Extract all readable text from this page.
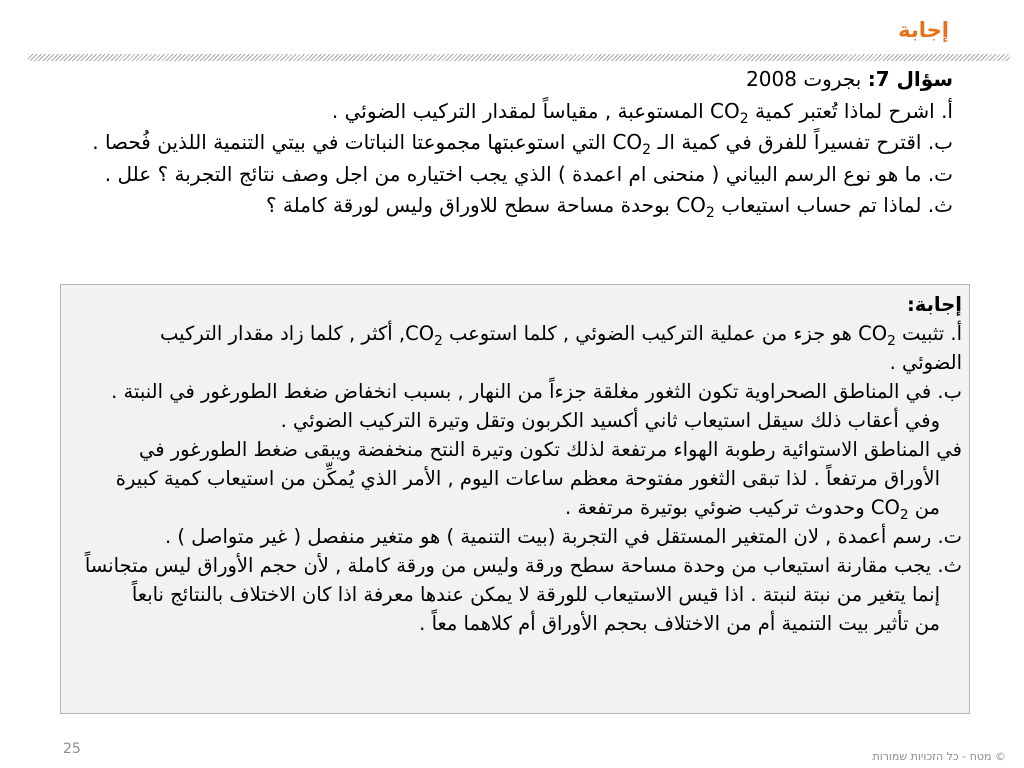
إجابة
سؤال 7: بجروت 2008
أ. اشرح لماذا تُعتبر كمية $CO_2$ المستوعبة , مقياساً لمقدار التركيب الضوئي .
ب. اقترح تفسيراً للفرق في كمية الـ $CO_2$ التي استوعبتها مجموعتا النباتات في بيتي التنمية اللذين فُحصا .
ت. ما هو نوع الرسم البياني ( منحنى ام اعمدة ) الذي يجب اختياره من اجل وصف نتائج التجربة ؟ علل .
ث. لماذا تم حساب استيعاب $CO_2$ بوحدة مساحة سطح للاوراق وليس لورقة كاملة ؟
إجابة:
أ. تثبيت $CO_2$ هو جزء من عملية التركيب الضوئي , كلما استوعب $CO_2$, أكثر , كلما زاد مقدار التركيب
الضوئي .
ب. في المناطق الصحراوية تكون الثغور مغلقة جزءاً من النهار , بسبب انخفاض ضغط الطورغور في النبتة .
وفي أعقاب ذلك سيقل استيعاب ثاني أكسيد الكربون وتقل وتيرة التركيب الضوئي .
في المناطق الاستوائية رطوبة الهواء مرتفعة لذلك تكون وتيرة النتح منخفضة ويبقى ضغط الطورغور في
الأوراق مرتفعاً . لذا تبقى الثغور مفتوحة معظم ساعات اليوم , الأمر الذي يُمكِّن من استيعاب كمية كبيرة
من $CO_2$ وحدوث تركيب ضوئي بوتيرة مرتفعة .
ت. رسم أعمدة , لان المتغير المستقل في التجربة (بيت التنمية ) هو متغير منفصل ( غير متواصل ) .
ث. يجب مقارنة استيعاب من وحدة مساحة سطح ورقة وليس من ورقة كاملة , لأن حجم الأوراق ليس متجانساً
إنما يتغير من نبتة لنبتة . اذا قيس الاستيعاب للورقة لا يمكن عندها معرفة اذا كان الاختلاف بالنتائج نابعاً
من تأثير بيت التنمية أم من الاختلاف بحجم الأوراق أم كلاهما معاً .
25	© מטח - כל הזכויות שמורות
